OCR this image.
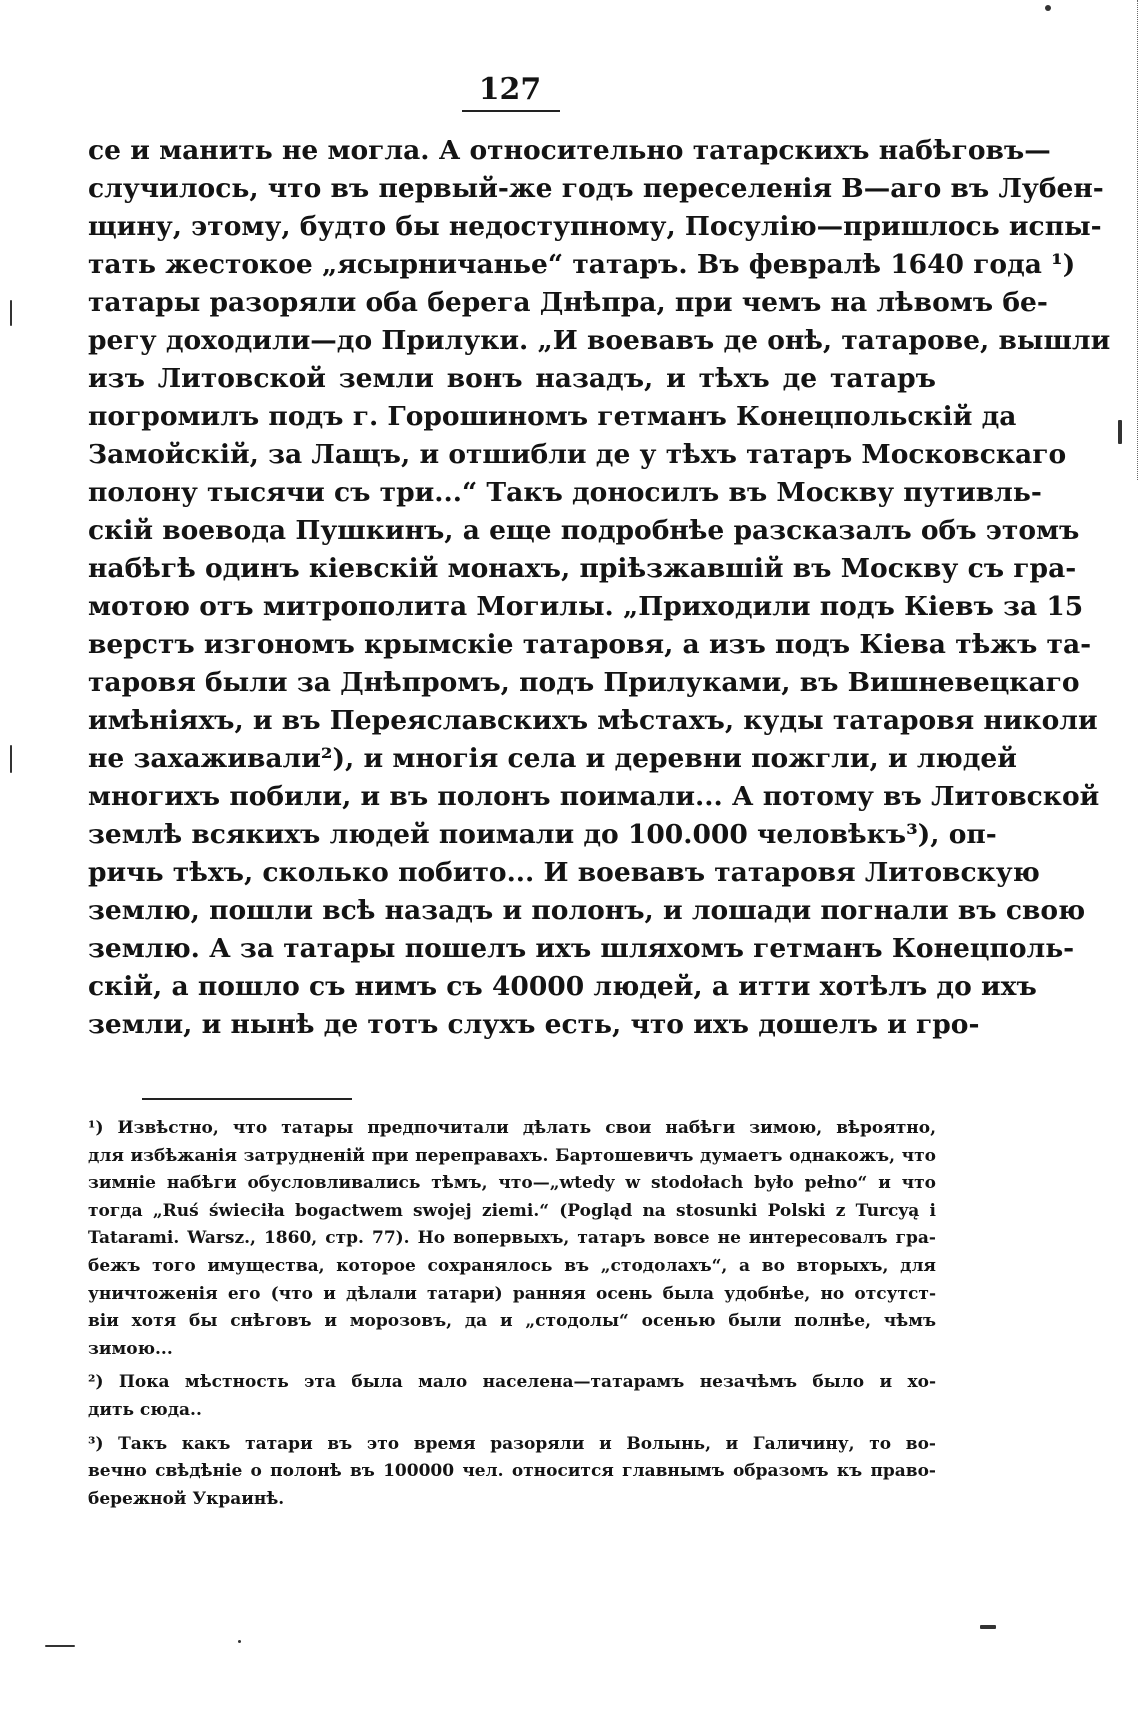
127
се и манить не могла. А относительно татарскихъ набѣговъ—
случилось, что въ первый-же годъ переселенія В—аго въ Лубен-
щину, этому, будто бы недоступному, Посулію—пришлось испы-
тать жестокое „ясырничанье“ татаръ. Въ февралѣ 1640 года ¹)
татары разоряли оба берега Днѣпра, при чемъ на лѣвомъ бе-
регу доходили—до Прилуки. „И воевавъ де онѣ, татарове, вышли
изъ Литовской земли вонъ назадъ, и тѣхъ де татаръ
погромилъ подъ г. Горошиномъ гетманъ Конецпольскій да
Замойскій, за Лащъ, и отшибли де у тѣхъ татаръ Московскаго
полону тысячи съ три...“ Такъ доносилъ въ Москву путивль-
скій воевода Пушкинъ, а еще подробнѣе разсказалъ объ этомъ
набѣгѣ одинъ кіевскій монахъ, пріѣзжавшій въ Москву съ гра-
мотою отъ митрополита Могилы. „Приходили подъ Кіевъ за 15
верстъ изгономъ крымскіе татаровя, а изъ подъ Кіева тѣжъ та-
таровя были за Днѣпромъ, подъ Прилуками, въ Вишневецкаго
имѣніяхъ, и въ Переяславскихъ мѣстахъ, куды татаровя николи
не захаживали²), и многія села и деревни пожгли, и людей
многихъ побили, и въ полонъ поимали... А потому въ Литовской
землѣ всякихъ людей поимали до 100.000 человѣкъ³), оп-
ричь тѣхъ, сколько побито... И воевавъ татаровя Литовскую
землю, пошли всѣ назадъ и полонъ, и лошади погнали въ свою
землю. А за татары пошелъ ихъ шляхомъ гетманъ Конецполь-
скій, а пошло съ нимъ съ 40000 людей, а итти хотѣлъ до ихъ
земли, и нынѣ де тотъ слухъ есть, что ихъ дошелъ и гро-
¹) Извѣстно, что татары предпочитали дѣлать свои набѣги зимою, вѣроятно,
для избѣжанія затрудненій при переправахъ. Бартошевичъ думаетъ однакожъ, что
зимніе набѣги обусловливались тѣмъ, что—„wtedy w stodołach było pełno“ и что
тогда „Ruś świeciła bogactwem swojej ziemi.“ (Pogląd na stosunki Polski z Turcyą i
Tatarami. Warsz., 1860, стр. 77). Но вопервыхъ, татаръ вовсе не интересовалъ гра-
бежъ того имущества, которое сохранялось въ „стодолахъ“, а во вторыхъ, для
уничтоженія его (что и дѣлали татари) ранняя осень была удобнѣе, но отсутст-
віи хотя бы снѣговъ и морозовъ, да и „стодолы“ осенью были полнѣе, чѣмъ
зимою...
²) Пока мѣстность эта была мало населена—татарамъ незачѣмъ было и хо-
дить сюда..
³) Такъ какъ татари въ это время разоряли и Волынь, и Галичину, то во-
вечно свѣдѣніе о полонѣ въ 100000 чел. относится главнымъ образомъ къ право-
бережной Украинѣ.
